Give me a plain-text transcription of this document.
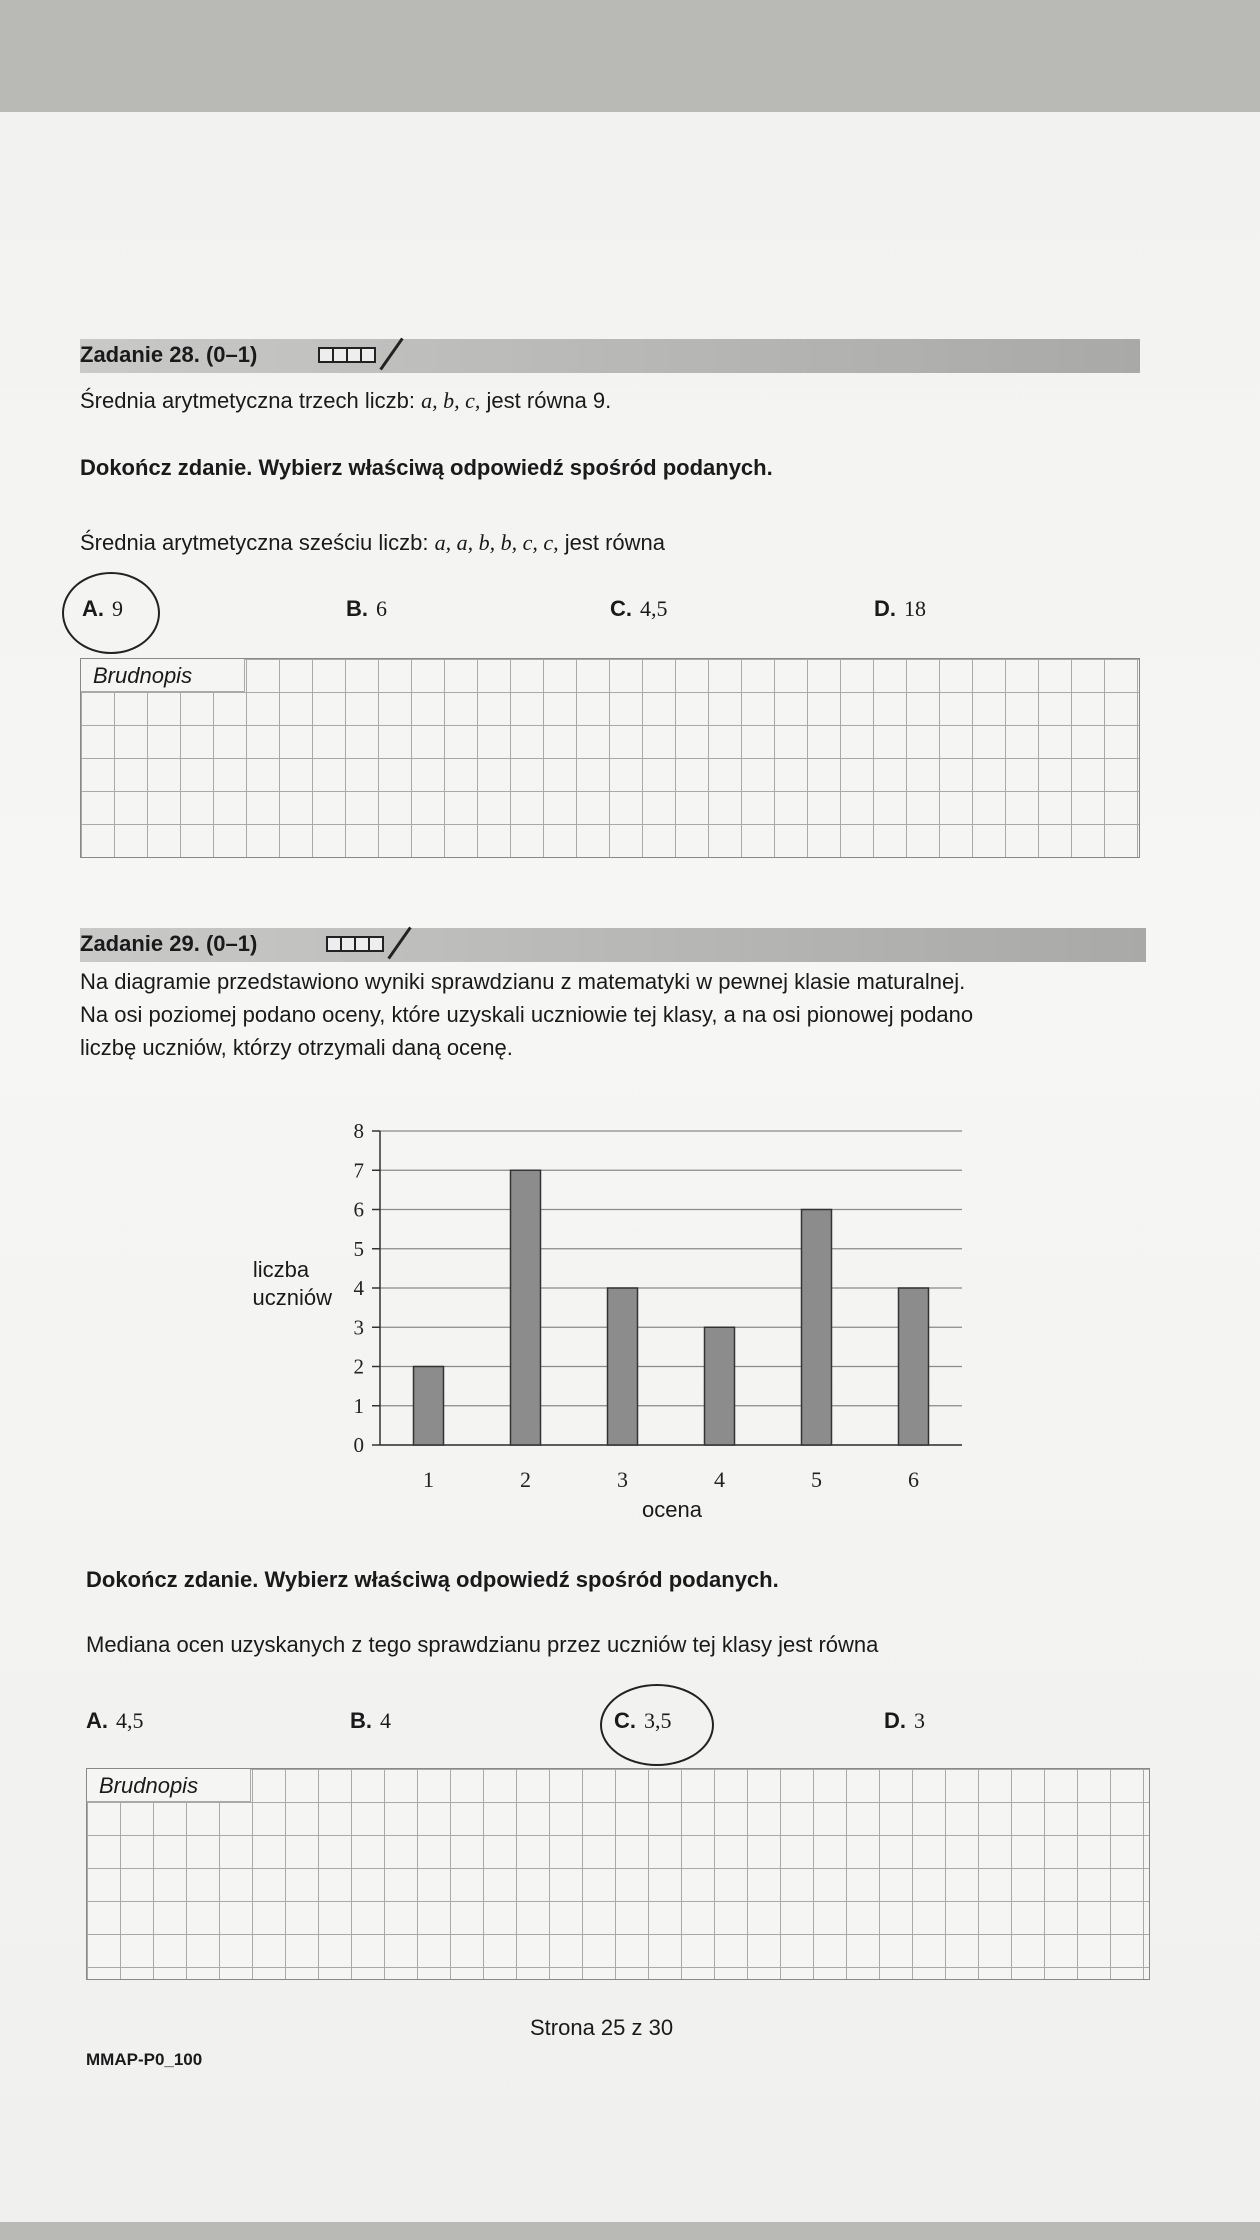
Zadanie 28. (0–1)
Średnia arytmetyczna trzech liczb: a, b, c, jest równa 9.
Dokończ zdanie. Wybierz właściwą odpowiedź spośród podanych.
Średnia arytmetyczna sześciu liczb: a, a, b, b, c, c, jest równa
A. 9	B. 6	C. 4,5	D. 18
Brudnopis
Zadanie 29. (0–1)
Na diagramie przedstawiono wyniki sprawdzianu z matematyki w pewnej klasie maturalnej.
Na osi poziomej podano oceny, które uzyskali uczniowie tej klasy, a na osi pionowej podano
liczbę uczniów, którzy otrzymali daną ocenę.
liczba
uczniów
0
1
2
3
4
5
6
7
8
1	2	3	4	5	6
ocena
Dokończ zdanie. Wybierz właściwą odpowiedź spośród podanych.
Mediana ocen uzyskanych z tego sprawdzianu przez uczniów tej klasy jest równa
A. 4,5	B. 4	C. 3,5	D. 3
Brudnopis
Strona 25 z 30
MMAP-P0_100
